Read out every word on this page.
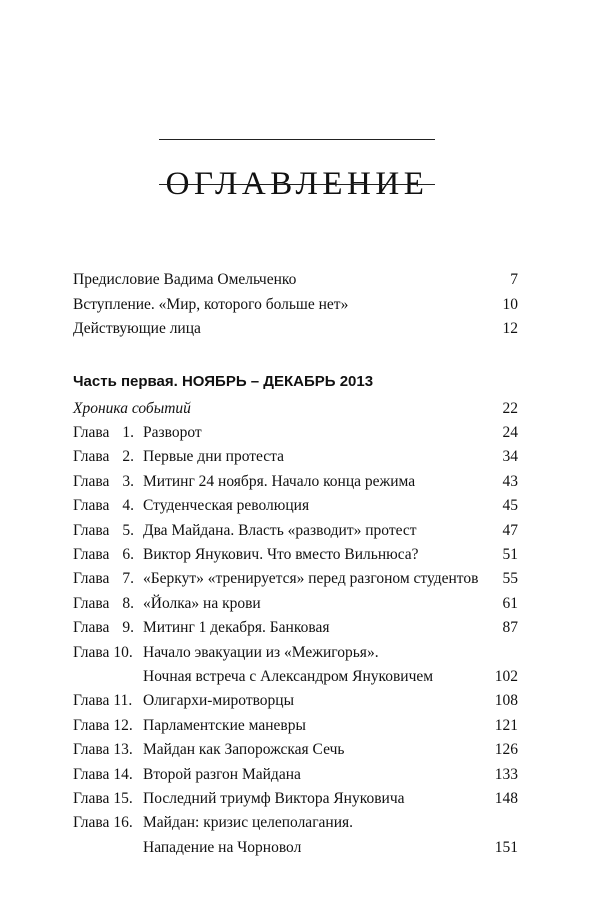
ОГЛАВЛЕНИЕ
Предисловие Вадима Омельченко	7
Вступление. «Мир, которого больше нет»	10
Действующие лица	12
Часть первая. НОЯБРЬ – ДЕКАБРЬ 2013
Хроника событий	22
Глава 1. Разворот	24
Глава 2. Первые дни протеста	34
Глава 3. Митинг 24 ноября. Начало конца режима	43
Глава 4. Студенческая революция	45
Глава 5. Два Майдана. Власть «разводит» протест	47
Глава 6. Виктор Янукович. Что вместо Вильнюса?	51
Глава 7. «Беркут» «тренируется» перед разгоном студентов 55
Глава 8. «Йолка» на крови	61
Глава 9. Митинг 1 декабря. Банковая	87
Глава 10. Начало эвакуации из «Межигорья».
Ночная встреча с Александром Януковичем	102
Глава 11. Олигархи-миротворцы	108
Глава 12. Парламентские маневры	121
Глава 13. Майдан как Запорожская Сечь	126
Глава 14. Второй разгон Майдана	133
Глава 15. Последний триумф Виктора Януковича	148
Глава 16. Майдан: кризис целеполагания.
Нападение на Чорновол	151
